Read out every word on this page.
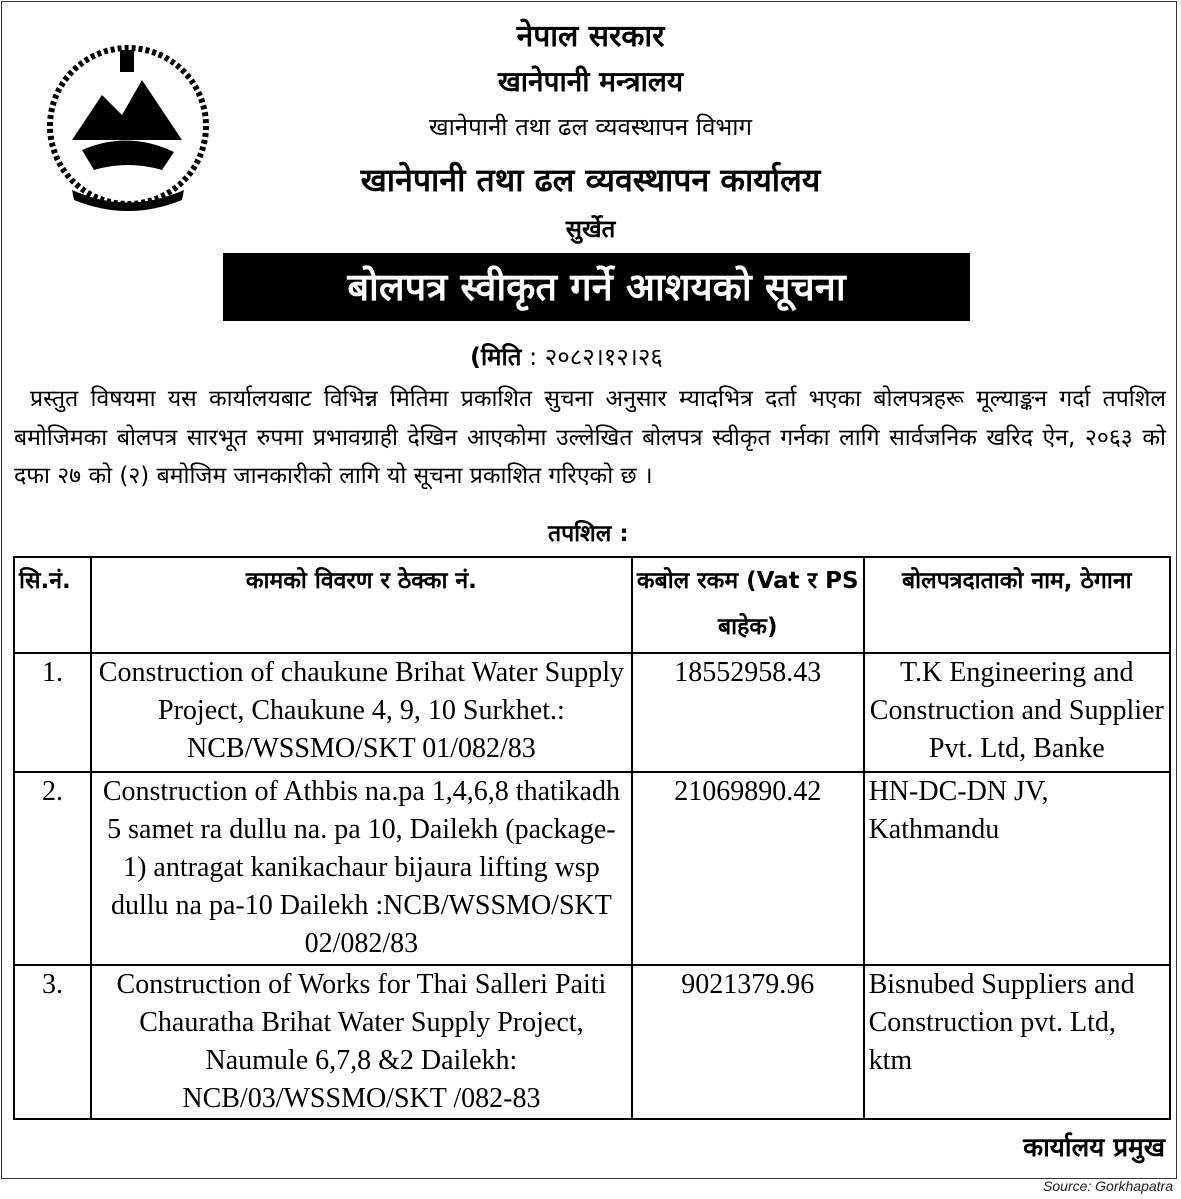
नेपाल सरकार
खानेपानी मन्त्रालय
खानेपानी तथा ढल व्यवस्थापन विभाग
खानेपानी तथा ढल व्यवस्थापन कार्यालय
सुर्खेत
बोलपत्र स्वीकृत गर्ने आशयको सूचना
(मिति : २०८२।१२।२६
प्रस्तुत विषयमा यस कार्यालयबाट विभिन्न मितिमा प्रकाशित सुचना अनुसार म्यादभित्र दर्ता भएका बोलपत्रहरू मूल्याङ्कन गर्दा तपशिल बमोजिमका बोलपत्र सारभूत रुपमा प्रभावग्राही देखिन आएकोमा उल्लेखित बोलपत्र स्वीकृत गर्नका लागि सार्वजनिक खरिद ऐन, २०६३ को दफा २७ को (२) बमोजिम जानकारीको लागि यो सूचना प्रकाशित गरिएको छ ।
तपशिल :
सि.नं.	कामको विवरण र ठेक्का नं.	कबोल रकम (Vat र PS बाहेक)	बोलपत्रदाताको नाम, ठेगाना
1.	Construction of chaukune Brihat Water Supply Project, Chaukune 4, 9, 10 Surkhet.: NCB/WSSMO/SKT 01/082/83	18552958.43	T.K Engineering and Construction and Supplier Pvt. Ltd, Banke
2.	Construction of Athbis na.pa 1,4,6,8 thatikadh 5 samet ra dullu na. pa 10, Dailekh (package-1) antragat kanikachaur bijaura lifting wsp dullu na pa-10 Dailekh :NCB/WSSMO/SKT 02/082/83	21069890.42	HN-DC-DN JV, Kathmandu
3.	Construction of Works for Thai Salleri Paiti Chauratha Brihat Water Supply Project, Naumule 6,7,8 &2 Dailekh: NCB/03/WSSMO/SKT /082-83	9021379.96	Bisnubed Suppliers and Construction pvt. Ltd, ktm
कार्यालय प्रमुख
Source: Gorkhapatra
